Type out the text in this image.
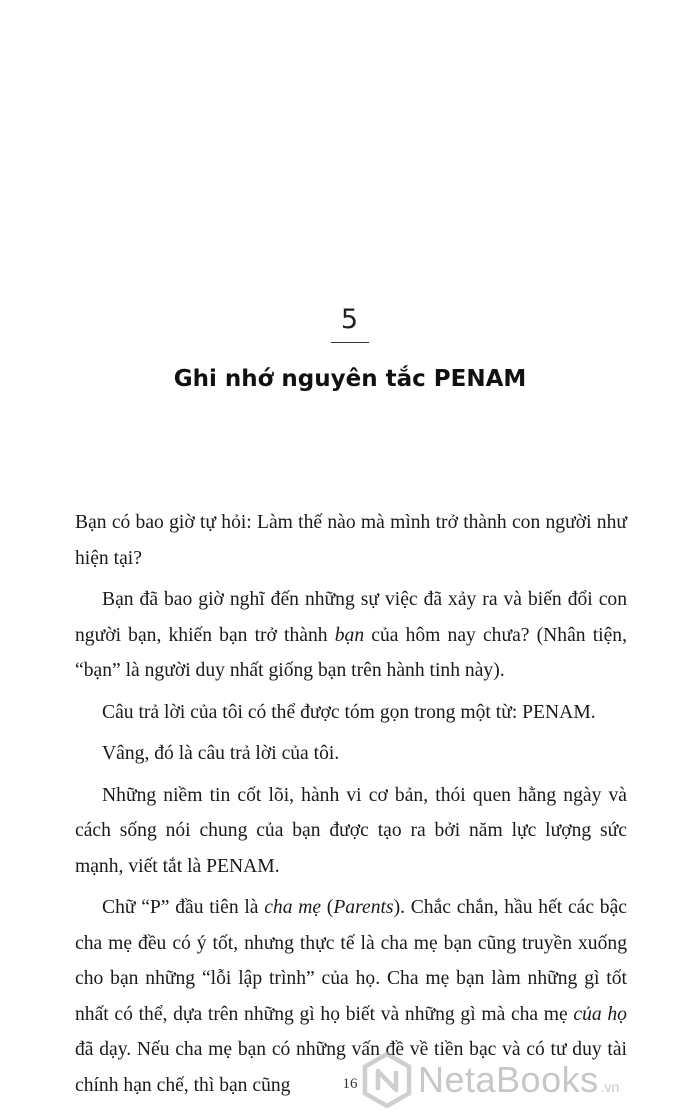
5
Ghi nhớ nguyên tắc PENAM

Bạn có bao giờ tự hỏi: Làm thế nào mà mình trở thành con người như hiện tại?

Bạn đã bao giờ nghĩ đến những sự việc đã xảy ra và biến đổi con người bạn, khiến bạn trở thành bạn của hôm nay chưa? (Nhân tiện, “bạn” là người duy nhất giống bạn trên hành tinh này).

Câu trả lời của tôi có thể được tóm gọn trong một từ: PENAM.

Vâng, đó là câu trả lời của tôi.

Những niềm tin cốt lõi, hành vi cơ bản, thói quen hằng ngày và cách sống nói chung của bạn được tạo ra bởi năm lực lượng sức mạnh, viết tắt là PENAM.

Chữ “P” đầu tiên là cha mẹ (Parents). Chắc chắn, hầu hết các bậc cha mẹ đều có ý tốt, nhưng thực tế là cha mẹ bạn cũng truyền xuống cho bạn những “lỗi lập trình” của họ. Cha mẹ bạn làm những gì tốt nhất có thể, dựa trên những gì họ biết và những gì mà cha mẹ của họ đã dạy. Nếu cha mẹ bạn có những vấn đề về tiền bạc và có tư duy tài chính hạn chế, thì bạn cũng	16	NetaBooks .vn
